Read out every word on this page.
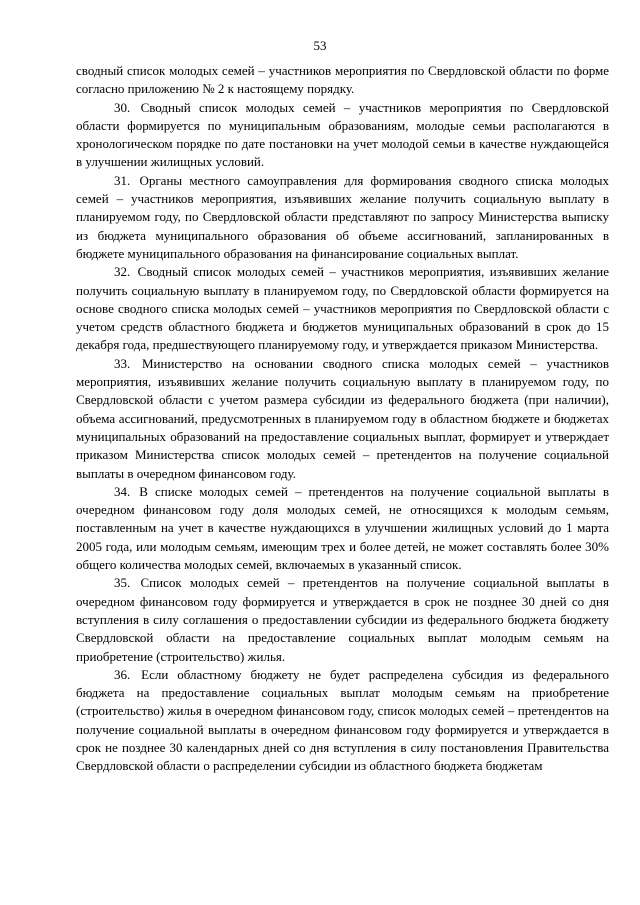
53

сводный список молодых семей – участников мероприятия по Свердловской области по форме согласно приложению № 2 к настоящему порядку.

30. Сводный список молодых семей – участников мероприятия по Свердловской области формируется по муниципальным образованиям, молодые семьи располагаются в хронологическом порядке по дате постановки на учет молодой семьи в качестве нуждающейся в улучшении жилищных условий.

31. Органы местного самоуправления для формирования сводного списка молодых семей – участников мероприятия, изъявивших желание получить социальную выплату в планируемом году, по Свердловской области представляют по запросу Министерства выписку из бюджета муниципального образования об объеме ассигнований, запланированных в бюджете муниципального образования на финансирование социальных выплат.

32. Сводный список молодых семей – участников мероприятия, изъявивших желание получить социальную выплату в планируемом году, по Свердловской области формируется на основе сводного списка молодых семей – участников мероприятия по Свердловской области с учетом средств областного бюджета и бюджетов муниципальных образований в срок до 15 декабря года, предшествующего планируемому году, и утверждается приказом Министерства.

33. Министерство на основании сводного списка молодых семей – участников мероприятия, изъявивших желание получить социальную выплату в планируемом году, по Свердловской области с учетом размера субсидии из федерального бюджета (при наличии), объема ассигнований, предусмотренных в планируемом году в областном бюджете и бюджетах муниципальных образований на предоставление социальных выплат, формирует и утверждает приказом Министерства список молодых семей – претендентов на получение социальной выплаты в очередном финансовом году.

34. В списке молодых семей – претендентов на получение социальной выплаты в очередном финансовом году доля молодых семей, не относящихся к молодым семьям, поставленным на учет в качестве нуждающихся в улучшении жилищных условий до 1 марта 2005 года, или молодым семьям, имеющим трех и более детей, не может составлять более 30% общего количества молодых семей, включаемых в указанный список.

35. Список молодых семей – претендентов на получение социальной выплаты в очередном финансовом году формируется и утверждается в срок не позднее 30 дней со дня вступления в силу соглашения о предоставлении субсидии из федерального бюджета бюджету Свердловской области на предоставление социальных выплат молодым семьям на приобретение (строительство) жилья.

36. Если областному бюджету не будет распределена субсидия из федерального бюджета на предоставление социальных выплат молодым семьям на приобретение (строительство) жилья в очередном финансовом году, список молодых семей – претендентов на получение социальной выплаты в очередном финансовом году формируется и утверждается в срок не позднее 30 календарных дней со дня вступления в силу постановления Правительства Свердловской области о распределении субсидии из областного бюджета бюджетам
